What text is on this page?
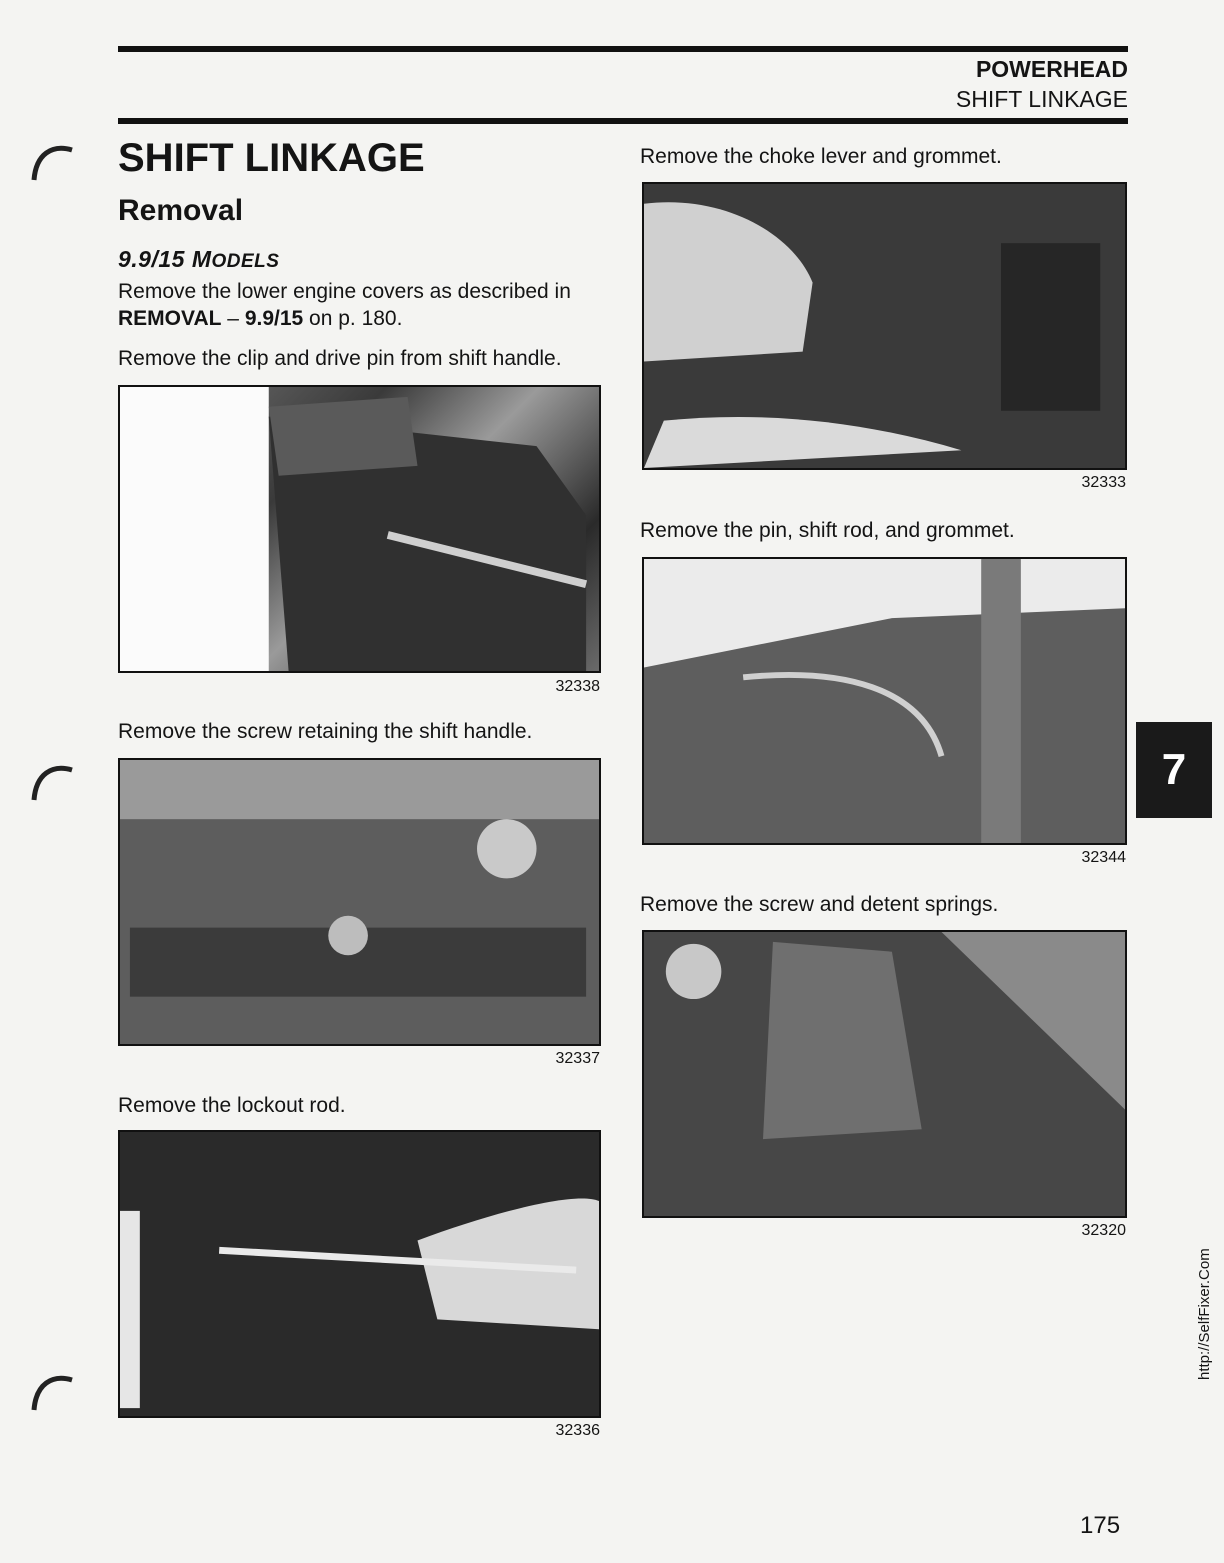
POWERHEAD
SHIFT LINKAGE
SHIFT LINKAGE
Removal
9.9/15 MODELS

Remove the lower engine covers as described in REMOVAL – 9.9/15 on p. 180.

Remove the clip and drive pin from shift handle.

32338

Remove the screw retaining the shift handle.

32337

Remove the lockout rod.

32336

Remove the choke lever and grommet.

32333

Remove the pin, shift rod, and grommet.

32344

Remove the screw and detent springs.

32320
7
http://SelfFixer.Com
175
